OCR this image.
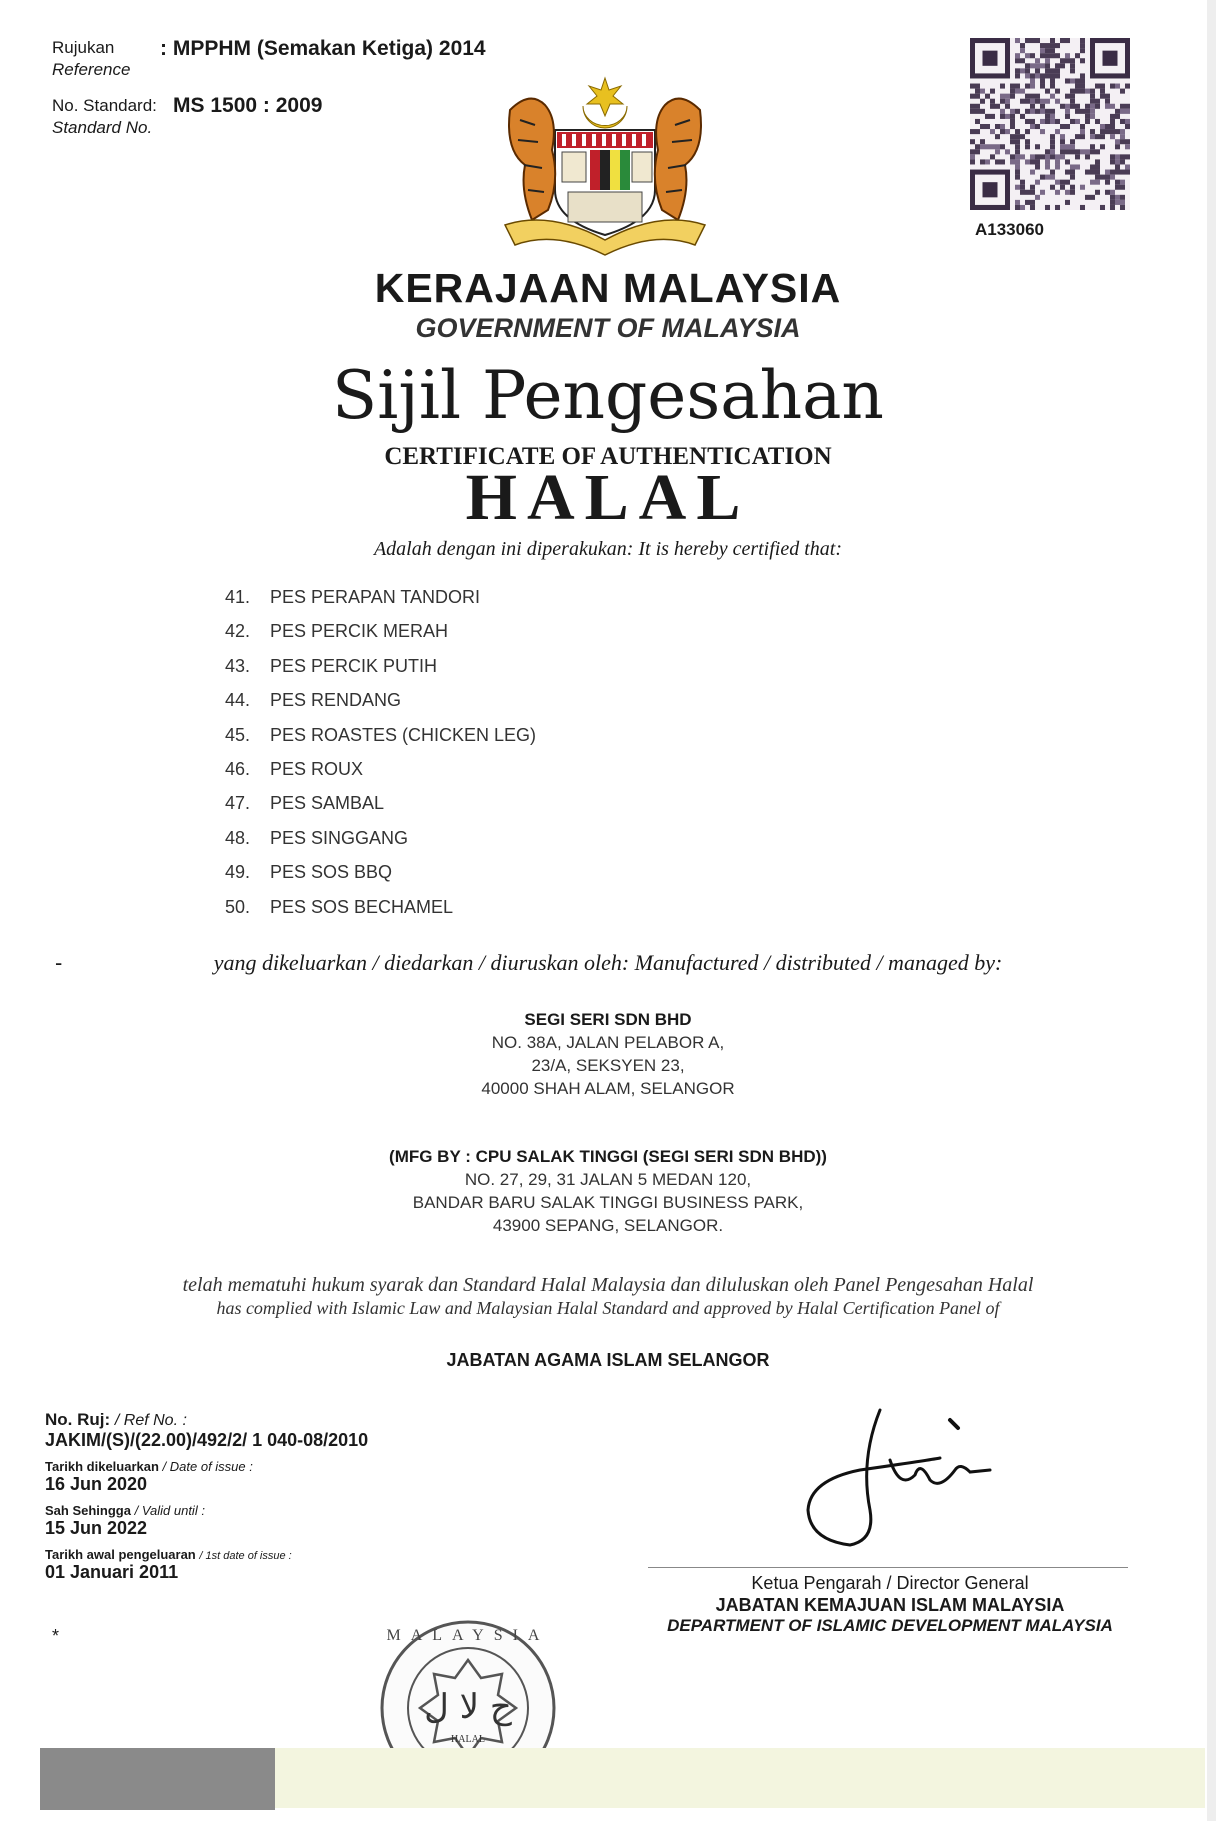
Rujukan
Reference
: MPPHM (Semakan Ketiga) 2014
No. Standard:
Standard No.
MS 1500 : 2009
A133060
KERAJAAN MALAYSIA
GOVERNMENT OF MALAYSIA
Sijil Pengesahan
CERTIFICATE OF AUTHENTICATION
HALAL
Adalah dengan ini diperakukan: It is hereby certified that:
41. PES PERAPAN TANDORI
42. PES PERCIK MERAH
43. PES PERCIK PUTIH
44. PES RENDANG
45. PES ROASTES (CHICKEN LEG)
46. PES ROUX
47. PES SAMBAL
48. PES SINGGANG
49. PES SOS BBQ
50. PES SOS BECHAMEL
-	yang dikeluarkan / diedarkan / diuruskan oleh: Manufactured / distributed / managed by:
SEGI SERI SDN BHD
NO. 38A, JALAN PELABOR A,
23/A, SEKSYEN 23,
40000 SHAH ALAM, SELANGOR
(MFG BY : CPU SALAK TINGGI (SEGI SERI SDN BHD))
NO. 27, 29, 31 JALAN 5 MEDAN 120,
BANDAR BARU SALAK TINGGI BUSINESS PARK,
43900 SEPANG, SELANGOR.
telah mematuhi hukum syarak dan Standard Halal Malaysia dan diluluskan oleh Panel Pengesahan Halal
has complied with Islamic Law and Malaysian Halal Standard and approved by Halal Certification Panel of
JABATAN AGAMA ISLAM SELANGOR
No. Ruj: / Ref No. :
JAKIM/(S)/(22.00)/492/2/ 1 040-08/2010
Tarikh dikeluarkan / Date of issue :
16 Jun 2020
Sah Sehingga / Valid until :
15 Jun 2022
Tarikh awal pengeluaran / 1st date of issue :
01 Januari 2011
*
Ketua Pengarah / Director General
JABATAN KEMAJUAN ISLAM MALAYSIA
DEPARTMENT OF ISLAMIC DEVELOPMENT MALAYSIA
ح لا ل
HALAL
MALAYSIA
